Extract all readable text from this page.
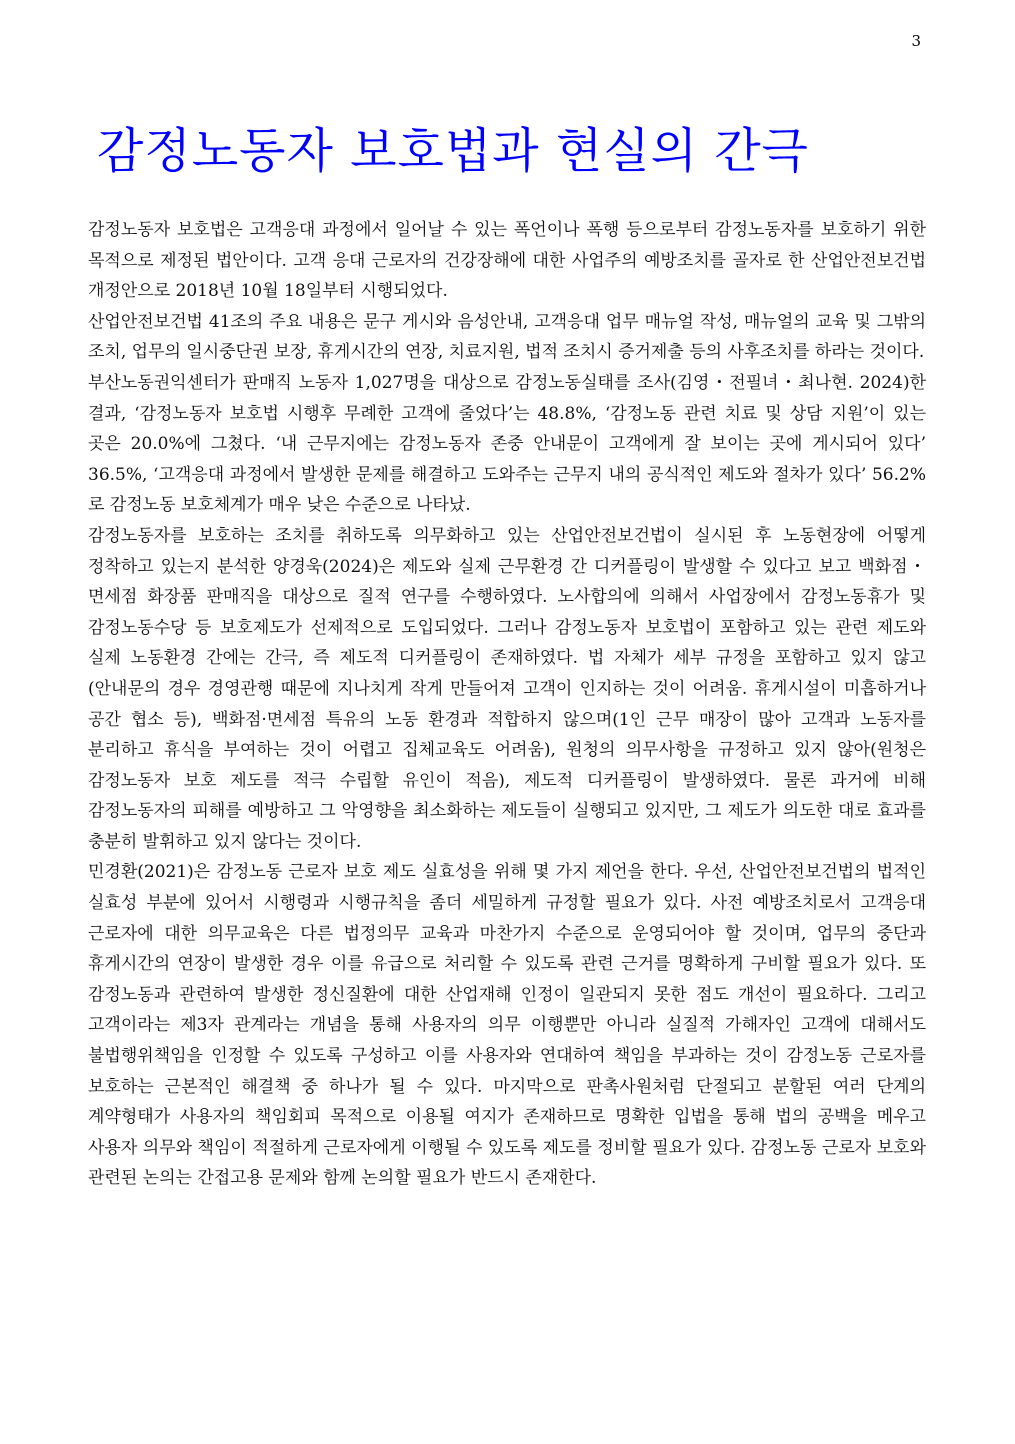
3
감정노동자 보호법과 현실의 간극

감정노동자 보호법은 고객응대 과정에서 일어날 수 있는 폭언이나 폭행 등으로부터 감정노동자를 보호하기 위한 목적으로 제정된 법안이다. 고객 응대 근로자의 건강장해에 대한 사업주의 예방조치를 골자로 한 산업안전보건법 개정안으로 2018년 10월 18일부터 시행되었다.

산업안전보건법 41조의 주요 내용은 문구 게시와 음성안내, 고객응대 업무 매뉴얼 작성, 매뉴얼의 교육 및 그밖의 조치, 업무의 일시중단권 보장, 휴게시간의 연장, 치료지원, 법적 조치시 증거제출 등의 사후조치를 하라는 것이다.

부산노동권익센터가 판매직 노동자 1,027명을 대상으로 감정노동실태를 조사(김영・전필녀・최나현. 2024)한 결과, ‘감정노동자 보호법 시행후 무례한 고객에 줄었다’는 48.8%, ‘감정노동 관련 치료 및 상담 지원’이 있는 곳은 20.0%에 그쳤다. ‘내 근무지에는 감정노동자 존중 안내문이 고객에게 잘 보이는 곳에 게시되어 있다’ 36.5%, ‘고객응대 과정에서 발생한 문제를 해결하고 도와주는 근무지 내의 공식적인 제도와 절차가 있다’ 56.2%로 감정노동 보호체계가 매우 낮은 수준으로 나타났.

감정노동자를 보호하는 조치를 취하도록 의무화하고 있는 산업안전보건법이 실시된 후 노동현장에 어떻게 정착하고 있는지 분석한 양경욱(2024)은 제도와 실제 근무환경 간 디커플링이 발생할 수 있다고 보고 백화점・면세점 화장품 판매직을 대상으로 질적 연구를 수행하였다. 노사합의에 의해서 사업장에서 감정노동휴가 및 감정노동수당 등 보호제도가 선제적으로 도입되었다. 그러나 감정노동자 보호법이 포함하고 있는 관련 제도와 실제 노동환경 간에는 간극, 즉 제도적 디커플링이 존재하였다. 법 자체가 세부 규정을 포함하고 있지 않고(안내문의 경우 경영관행 때문에 지나치게 작게 만들어져 고객이 인지하는 것이 어려움. 휴게시설이 미흡하거나 공간 협소 등), 백화점·면세점 특유의 노동 환경과 적합하지 않으며(1인 근무 매장이 많아 고객과 노동자를 분리하고 휴식을 부여하는 것이 어렵고 집체교육도 어려움), 원청의 의무사항을 규정하고 있지 않아(원청은 감정노동자 보호 제도를 적극 수립할 유인이 적음), 제도적 디커플링이 발생하였다. 물론 과거에 비해 감정노동자의 피해를 예방하고 그 악영향을 최소화하는 제도들이 실행되고 있지만, 그 제도가 의도한 대로 효과를 충분히 발휘하고 있지 않다는 것이다.

민경환(2021)은 감정노동 근로자 보호 제도 실효성을 위해 몇 가지 제언을 한다. 우선, 산업안전보건법의 법적인 실효성 부분에 있어서 시행령과 시행규칙을 좀더 세밀하게 규정할 필요가 있다. 사전 예방조치로서 고객응대 근로자에 대한 의무교육은 다른 법정의무 교육과 마찬가지 수준으로 운영되어야 할 것이며, 업무의 중단과 휴게시간의 연장이 발생한 경우 이를 유급으로 처리할 수 있도록 관련 근거를 명확하게 구비할 필요가 있다. 또 감정노동과 관련하여 발생한 정신질환에 대한 산업재해 인정이 일관되지 못한 점도 개선이 필요하다. 그리고 고객이라는 제3자 관계라는 개념을 통해 사용자의 의무 이행뿐만 아니라 실질적 가해자인 고객에 대해서도 불법행위책임을 인정할 수 있도록 구성하고 이를 사용자와 연대하여 책임을 부과하는 것이 감정노동 근로자를 보호하는 근본적인 해결책 중 하나가 될 수 있다. 마지막으로 판촉사원처럼 단절되고 분할된 여러 단계의 계약형태가 사용자의 책임회피 목적으로 이용될 여지가 존재하므로 명확한 입법을 통해 법의 공백을 메우고 사용자 의무와 책임이 적절하게 근로자에게 이행될 수 있도록 제도를 정비할 필요가 있다. 감정노동 근로자 보호와 관련된 논의는 간접고용 문제와 함께 논의할 필요가 반드시 존재한다.
